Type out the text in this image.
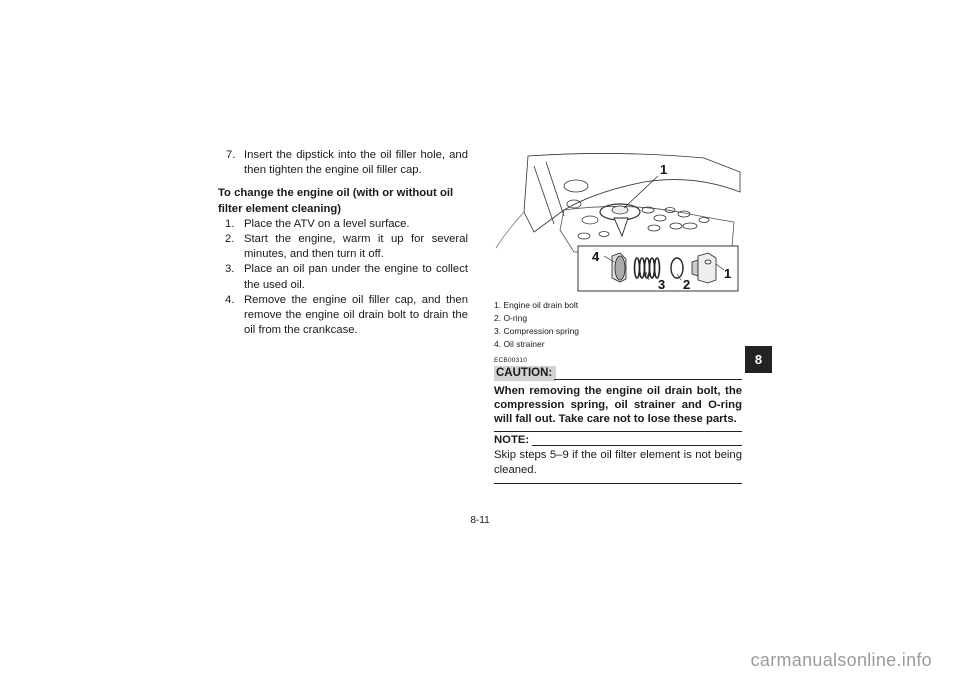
7. Insert the dipstick into the oil filler hole, and then tighten the engine oil filler cap.

To change the engine oil (with or without oil filter element cleaning)

1. Place the ATV on a level surface.

2. Start the engine, warm it up for several minutes, and then turn it off.

3. Place an oil pan under the engine to collect the used oil.

4. Remove the engine oil filler cap, and then remove the engine oil drain bolt to drain the oil from the crankcase.

1
4
3 2
1
1. Engine oil drain bolt
2. O-ring
3. Compression spring
4. Oil strainer
ECB00310
CAUTION:
When removing the engine oil drain bolt, the compression spring, oil strainer and O-ring will fall out. Take care not to lose these parts.
NOTE:
Skip steps 5–9 if the oil filter element is not being cleaned.
8
8-11
carmanualsonline.info
